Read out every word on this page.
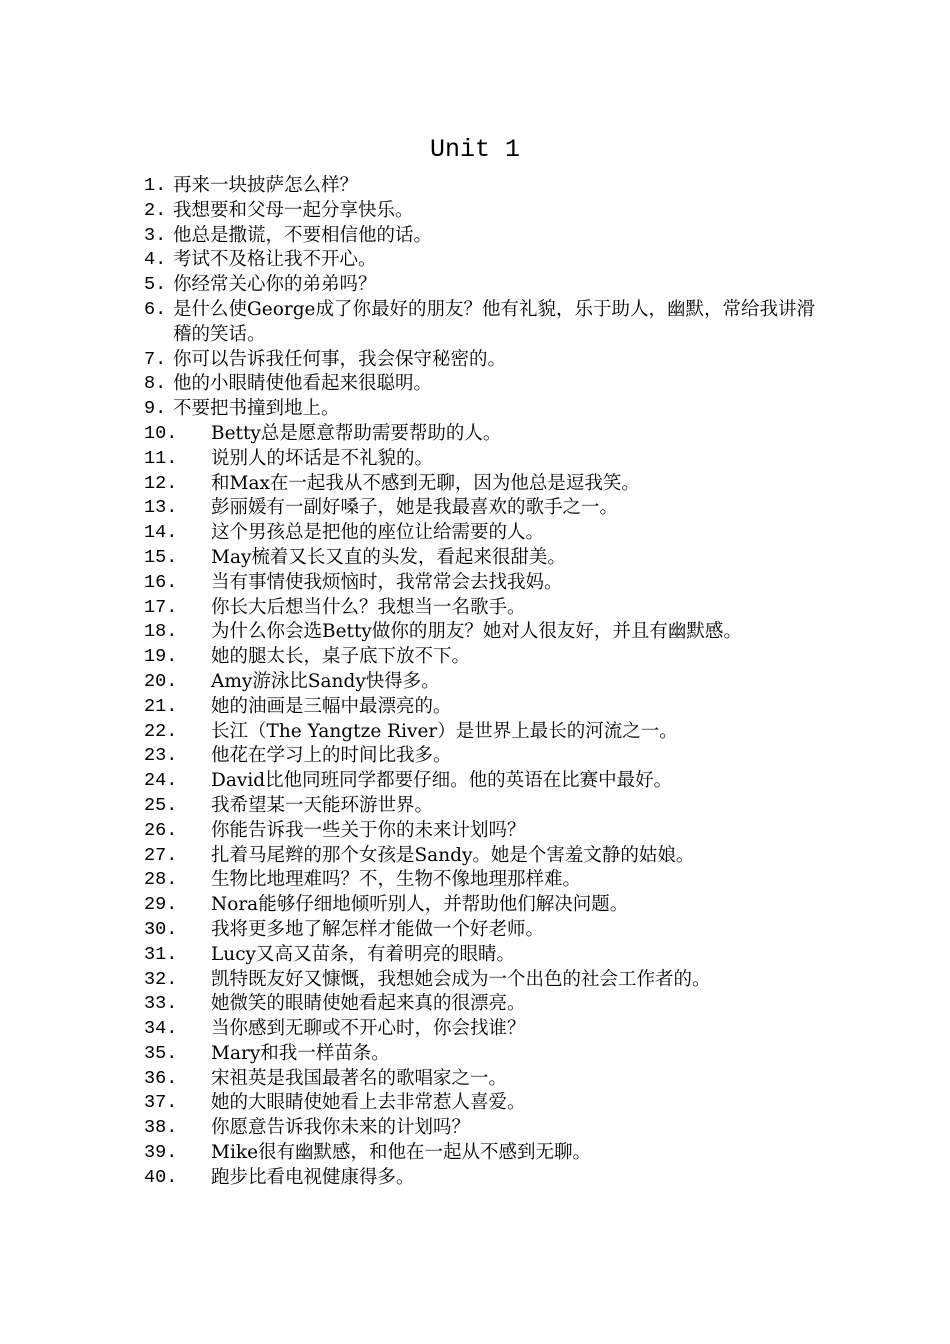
Unit 1
1. 再来一块披萨怎么样？
2. 我想要和父母一起分享快乐。
3. 他总是撒谎，不要相信他的话。
4. 考试不及格让我不开心。
5. 你经常关心你的弟弟吗？
6. 是什么使George成了你最好的朋友？他有礼貌，乐于助人，幽默，常给我讲滑稽的笑话。
7. 你可以告诉我任何事，我会保守秘密的。
8. 他的小眼睛使他看起来很聪明。
9. 不要把书撞到地上。
10.	Betty总是愿意帮助需要帮助的人。
11.	说别人的坏话是不礼貌的。
12.	和Max在一起我从不感到无聊，因为他总是逗我笑。
13.	彭丽媛有一副好嗓子，她是我最喜欢的歌手之一。
14.	这个男孩总是把他的座位让给需要的人。
15.	May梳着又长又直的头发，看起来很甜美。
16.	当有事情使我烦恼时，我常常会去找我妈。
17.	你长大后想当什么？我想当一名歌手。
18.	为什么你会选Betty做你的朋友？她对人很友好，并且有幽默感。
19.	她的腿太长，桌子底下放不下。
20.	Amy游泳比Sandy快得多。
21.	她的油画是三幅中最漂亮的。
22.	长江（The Yangtze River）是世界上最长的河流之一。
23.	他花在学习上的时间比我多。
24.	David比他同班同学都要仔细。他的英语在比赛中最好。
25.	我希望某一天能环游世界。
26.	你能告诉我一些关于你的未来计划吗？
27.	扎着马尾辫的那个女孩是Sandy。她是个害羞文静的姑娘。
28.	生物比地理难吗？不，生物不像地理那样难。
29.	Nora能够仔细地倾听别人，并帮助他们解决问题。
30.	我将更多地了解怎样才能做一个好老师。
31.	Lucy又高又苗条，有着明亮的眼睛。
32.	凯特既友好又慷慨，我想她会成为一个出色的社会工作者的。
33.	她微笑的眼睛使她看起来真的很漂亮。
34.	当你感到无聊或不开心时，你会找谁？
35.	Mary和我一样苗条。
36.	宋祖英是我国最著名的歌唱家之一。
37.	她的大眼睛使她看上去非常惹人喜爱。
38.	你愿意告诉我你未来的计划吗？
39.	Mike很有幽默感，和他在一起从不感到无聊。
40.	跑步比看电视健康得多。
